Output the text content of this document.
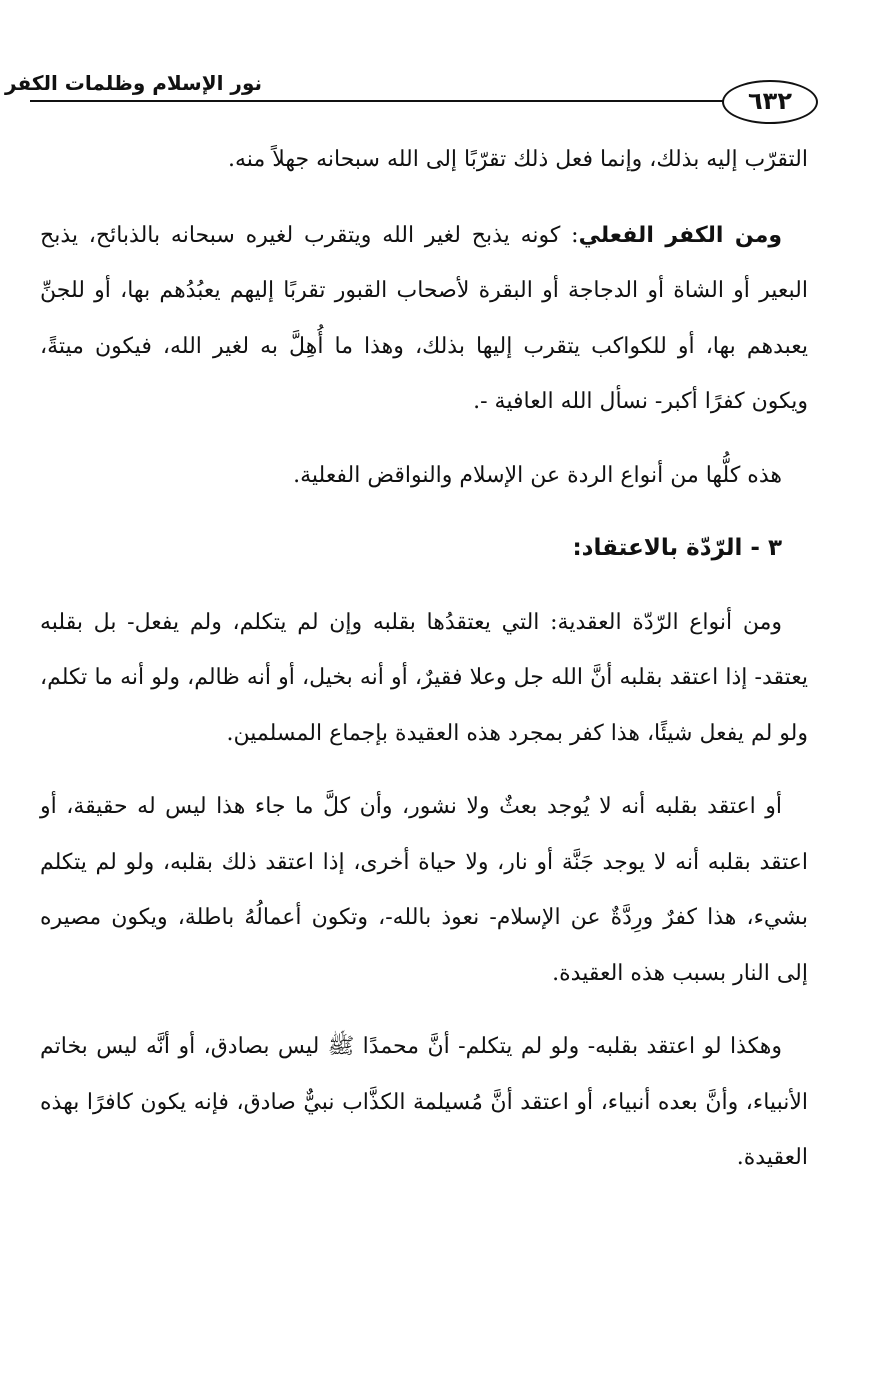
نور الإسلام وظلمات الكفر
٦٣٢

التقرّب إليه بذلك، وإنما فعل ذلك تقرّبًا إلى الله سبحانه جهلاً منه.

ومن الكفر الفعلي: كونه يذبح لغير الله ويتقرب لغيره سبحانه بالذبائح، يذبح البعير أو الشاة أو الدجاجة أو البقرة لأصحاب القبور تقربًا إليهم يعبُدُهم بها، أو للجنِّ يعبدهم بها، أو للكواكب يتقرب إليها بذلك، وهذا ما أُهِلَّ به لغير الله، فيكون ميتةً، ويكون كفرًا أكبر- نسأل الله العافية -.

هذه كلُّها من أنواع الردة عن الإسلام والنواقض الفعلية.

٣ - الرّدّة بالاعتقاد:

ومن أنواع الرّدّة العقدية: التي يعتقدُها بقلبه وإن لم يتكلم، ولم يفعل- بل بقلبه يعتقد- إذا اعتقد بقلبه أنَّ الله جل وعلا فقيرٌ، أو أنه بخيل، أو أنه ظالم، ولو أنه ما تكلم، ولو لم يفعل شيئًا، هذا كفر بمجرد هذه العقيدة بإجماع المسلمين.

أو اعتقد بقلبه أنه لا يُوجد بعثٌ ولا نشور، وأن كلَّ ما جاء هذا ليس له حقيقة، أو اعتقد بقلبه أنه لا يوجد جَنَّة أو نار، ولا حياة أخرى، إذا اعتقد ذلك بقلبه، ولو لم يتكلم بشيء، هذا كفرٌ ورِدَّةٌ عن الإسلام- نعوذ بالله-، وتكون أعمالُهُ باطلة، ويكون مصيره إلى النار بسبب هذه العقيدة.

وهكذا لو اعتقد بقلبه- ولو لم يتكلم- أنَّ محمدًا ﷺ ليس بصادق، أو أنَّه ليس بخاتم الأنبياء، وأنَّ بعده أنبياء، أو اعتقد أنَّ مُسيلمة الكذَّاب نبيٌّ صادق، فإنه يكون كافرًا بهذه العقيدة.
